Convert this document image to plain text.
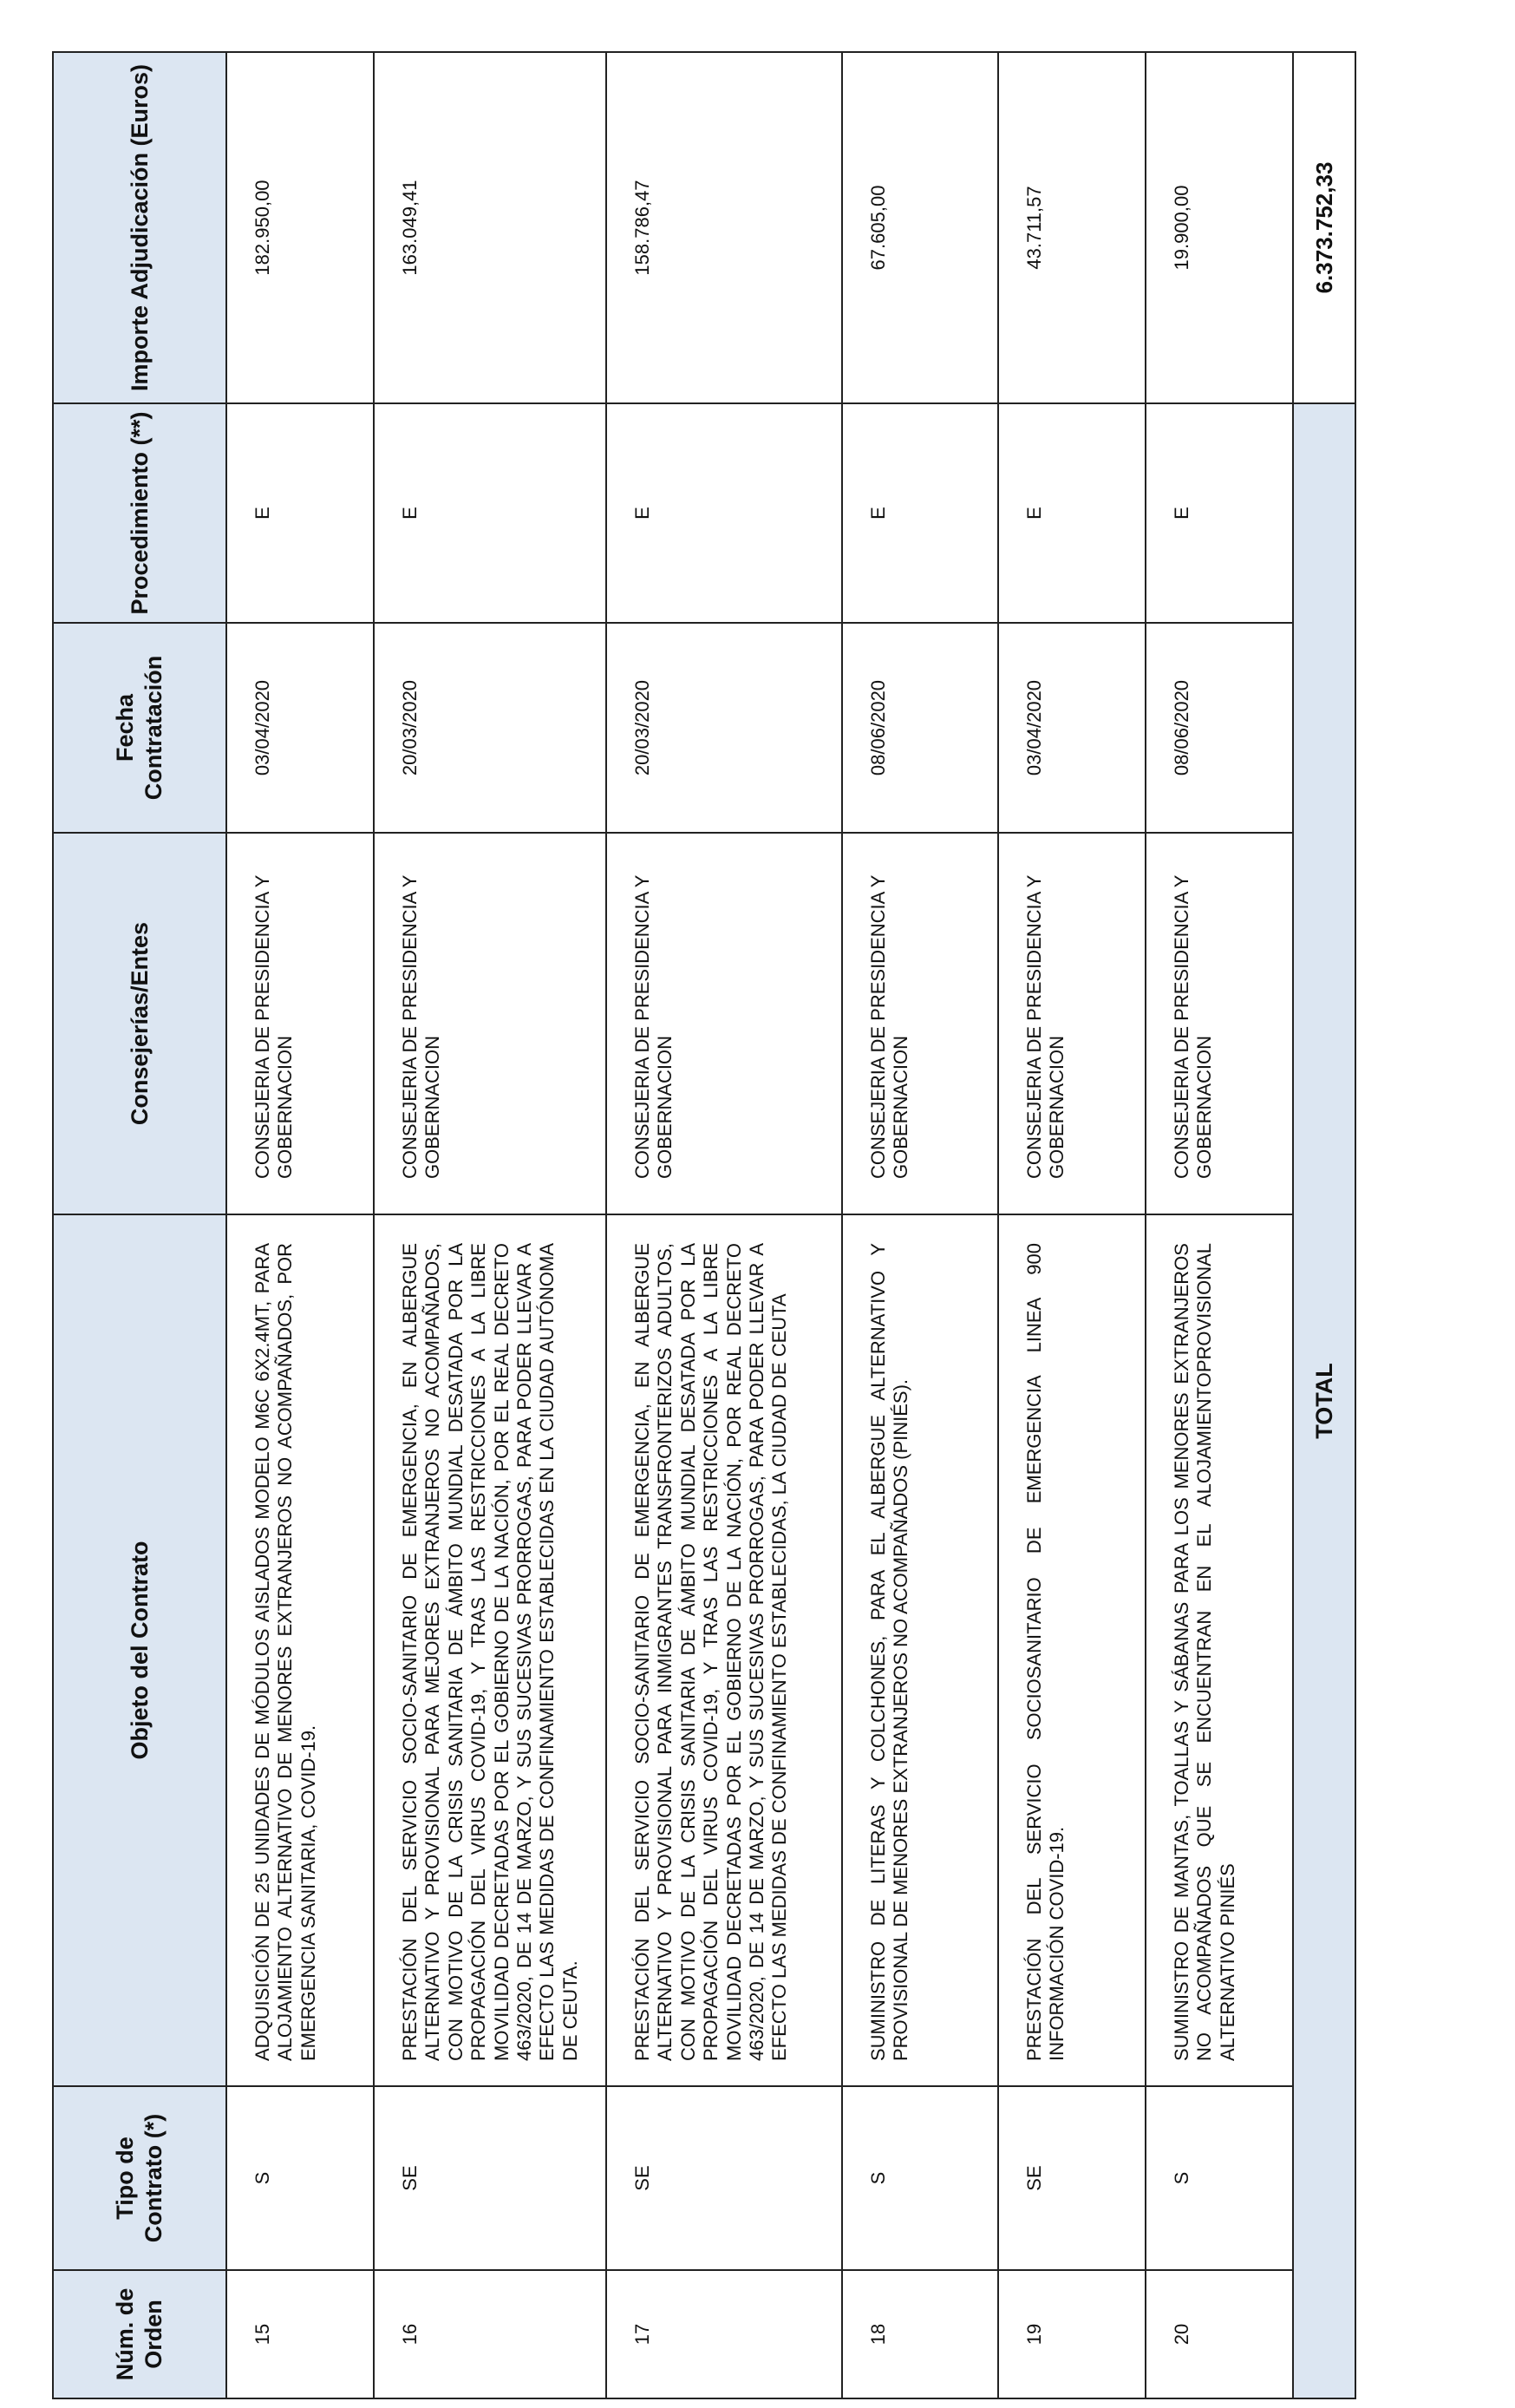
Núm. de Orden	Tipo de Contrato (*)	Objeto del Contrato	Consejerías/Entes	Fecha Contratación	Procedimiento (**)	Importe Adjudicación (Euros)
15	S	ADQUISICIÓN DE 25 UNIDADES DE MÓDULOS AISLADOS MODELO M6C 6X2.4MT, PARA ALOJAMIENTO ALTERNATIVO DE MENORES EXTRANJEROS NO ACOMPAÑADOS, POR EMERGENCIA SANITARIA, COVID-19.	CONSEJERIA DE PRESIDENCIA Y GOBERNACION	03/04/2020	E	182.950,00
16	SE	PRESTACIÓN DEL SERVICIO SOCIO-SANITARIO DE EMERGENCIA, EN ALBERGUE ALTERNATIVO Y PROVISIONAL PARA MEJORES EXTRANJEROS NO ACOMPAÑADOS, CON MOTIVO DE LA CRISIS SANITARIA DE ÁMBITO MUNDIAL DESATADA POR LA PROPAGACIÓN DEL VIRUS COVID-19, Y TRAS LAS RESTRICCIONES A LA LIBRE MOVILIDAD DECRETADAS POR EL GOBIERNO DE LA NACIÓN, POR EL REAL DECRETO 463/2020, DE 14 DE MARZO, Y SUS SUCESIVAS PRORROGAS, PARA PODER LLEVAR A EFECTO LAS MEDIDAS DE CONFINAMIENTO ESTABLECIDAS EN LA CIUDAD AUTÓNOMA DE CEUTA.	CONSEJERIA DE PRESIDENCIA Y GOBERNACION	20/03/2020	E	163.049,41
17	SE	PRESTACIÓN DEL SERVICIO SOCIO-SANITARIO DE EMERGENCIA, EN ALBERGUE ALTERNATIVO Y PROVISIONAL PARA INMIGRANTES TRANSFRONTERIZOS ADULTOS, CON MOTIVO DE LA CRISIS SANITARIA DE ÁMBITO MUNDIAL DESATADA POR LA PROPAGACIÓN DEL VIRUS COVID-19, Y TRAS LAS RESTRICCIONES A LA LIBRE MOVILIDAD DECRETADAS POR EL GOBIERNO DE LA NACIÓN, POR REAL DECRETO 463/2020, DE 14 DE MARZO, Y SUS SUCESIVAS PRORROGAS, PARA PODER LLEVAR A EFECTO LAS MEDIDAS DE CONFINAMIENTO ESTABLECIDAS, LA CIUDAD DE CEUTA	CONSEJERIA DE PRESIDENCIA Y GOBERNACION	20/03/2020	E	158.786,47
18	S	SUMINISTRO DE LITERAS Y COLCHONES, PARA EL ALBERGUE ALTERNATIVO Y PROVISIONAL DE MENORES EXTRANJEROS NO ACOMPAÑADOS (PINIÉS).	CONSEJERIA DE PRESIDENCIA Y GOBERNACION	08/06/2020	E	67.605,00
19	SE	PRESTACIÓN DEL SERVICIO SOCIOSANITARIO DE EMERGENCIA LINEA 900 INFORMACIÓN COVID-19.	CONSEJERIA DE PRESIDENCIA Y GOBERNACION	03/04/2020	E	43.711,57
20	S	SUMINISTRO DE MANTAS, TOALLAS Y SÁBANAS PARA LOS MENORES EXTRANJEROS NO ACOMPAÑADOS QUE SE ENCUENTRAN EN EL ALOJAMIENTOPROVISIONAL ALTERNATIVO PINIÉS	CONSEJERIA DE PRESIDENCIA Y GOBERNACION	08/06/2020	E	19.900,00
TOTAL						6.373.752,33
